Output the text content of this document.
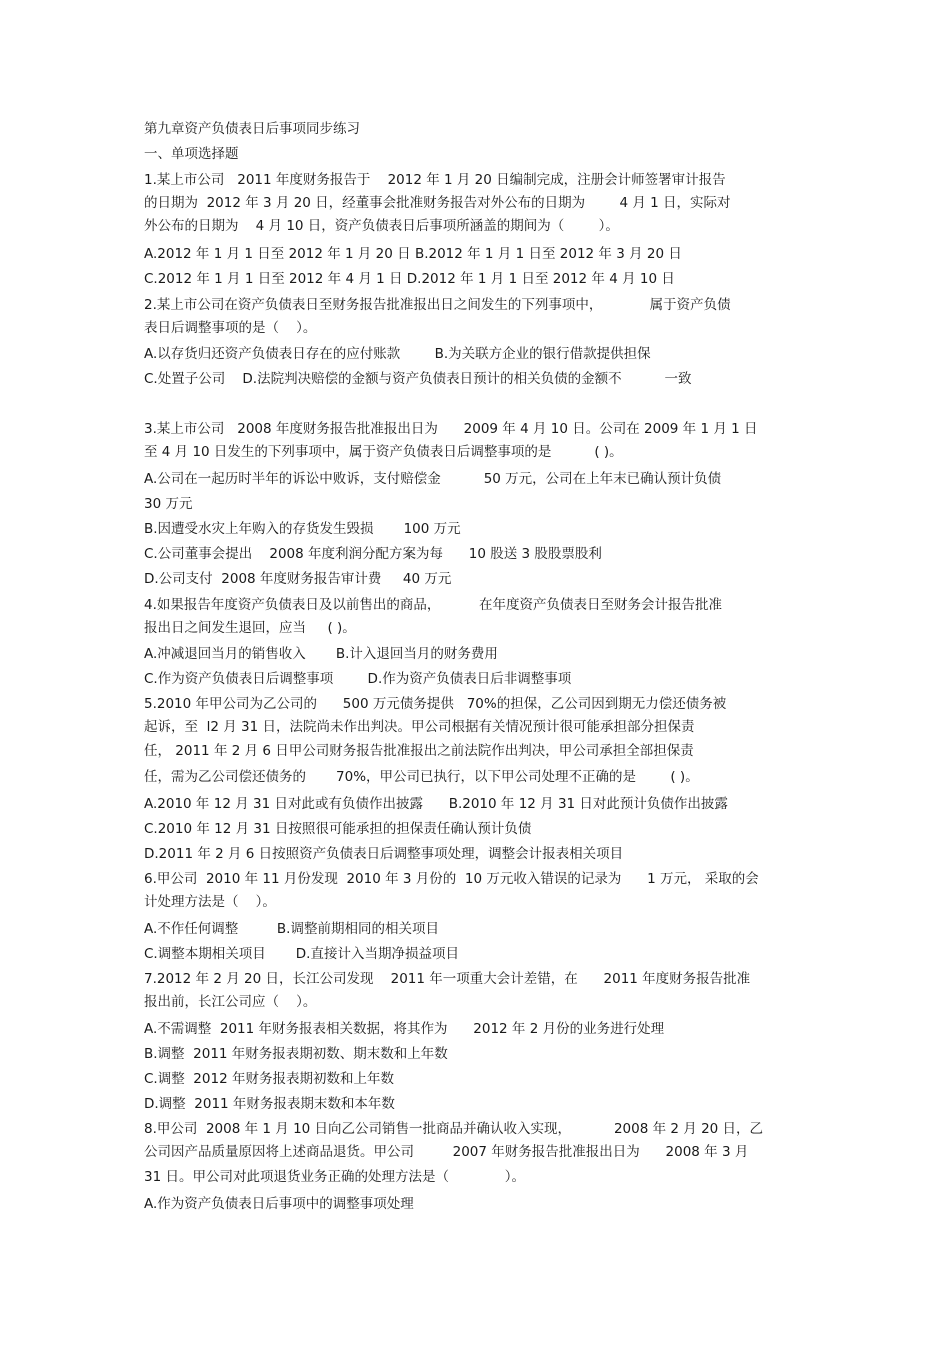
第九章资产负债表日后事项同步练习
一、单项选择题
1.某上市公司   2011 年度财务报告于    2012 年 1 月 20 日编制完成，注册会计师签署审计报告
的日期为  2012 年 3 月 20 日，经董事会批准财务报告对外公布的日期为        4 月 1 日，实际对
外公布的日期为    4 月 10 日，资产负债表日后事项所涵盖的期间为（        ）。
A.2012 年 1 月 1 日至 2012 年 1 月 20 日 B.2012 年 1 月 1 日至 2012 年 3 月 20 日
C.2012 年 1 月 1 日至 2012 年 4 月 1 日 D.2012 年 1 月 1 日至 2012 年 4 月 10 日
2.某上市公司在资产负债表日至财务报告批准报出日之间发生的下列事项中，           属于资产负债
表日后调整事项的是（    ）。
A.以存货归还资产负债表日存在的应付账款        B.为关联方企业的银行借款提供担保
C.处置子公司    D.法院判决赔偿的金额与资产负债表日预计的相关负债的金额不          一致
3.某上市公司   2008 年度财务报告批准报出日为      2009 年 4 月 10 日。公司在 2009 年 1 月 1 日
至 4 月 10 日发生的下列事项中，属于资产负债表日后调整事项的是          ( )。
A.公司在一起历时半年的诉讼中败诉，支付赔偿金          50 万元，公司在上年末已确认预计负债
30 万元
B.因遭受水灾上年购入的存货发生毁损       100 万元
C.公司董事会提出    2008 年度利润分配方案为每      10 股送 3 股股票股利
D.公司支付  2008 年度财务报告审计费     40 万元
4.如果报告年度资产负债表日及以前售出的商品，         在年度资产负债表日至财务会计报告批准
报出日之间发生退回，应当     ( )。
A.冲减退回当月的销售收入       B.计入退回当月的财务费用
C.作为资产负债表日后调整事项        D.作为资产负债表日后非调整事项
5.2010 年甲公司为乙公司的      500 万元债务提供   70%的担保，乙公司因到期无力偿还债务被
起诉，至  l2 月 31 日，法院尚未作出判决。甲公司根据有关情况预计很可能承担部分担保责
任， 2011 年 2 月 6 日甲公司财务报告批准报出之前法院作出判决，甲公司承担全部担保责
任，需为乙公司偿还债务的       70%，甲公司已执行，以下甲公司处理不正确的是        ( )。
A.2010 年 12 月 31 日对此或有负债作出披露      B.2010 年 12 月 31 日对此预计负债作出披露
C.2010 年 12 月 31 日按照很可能承担的担保责任确认预计负债
D.2011 年 2 月 6 日按照资产负债表日后调整事项处理，调整会计报表相关项目
6.甲公司  2010 年 11 月份发现  2010 年 3 月份的  10 万元收入错误的记录为      1 万元， 采取的会
计处理方法是（    ）。
A.不作任何调整         B.调整前期相同的相关项目
C.调整本期相关项目       D.直接计入当期净损益项目
7.2012 年 2 月 20 日，长江公司发现    2011 年一项重大会计差错，在      2011 年度财务报告批准
报出前，长江公司应（    ）。
A.不需调整  2011 年财务报表相关数据，将其作为      2012 年 2 月份的业务进行处理
B.调整  2011 年财务报表期初数、期末数和上年数
C.调整  2012 年财务报表期初数和上年数
D.调整  2011 年财务报表期末数和本年数
8.甲公司  2008 年 1 月 10 日向乙公司销售一批商品并确认收入实现，          2008 年 2 月 20 日，乙
公司因产品质量原因将上述商品退货。甲公司         2007 年财务报告批准报出日为      2008 年 3 月
31 日。甲公司对此项退货业务正确的处理方法是（             ）。
A.作为资产负债表日后事项中的调整事项处理
